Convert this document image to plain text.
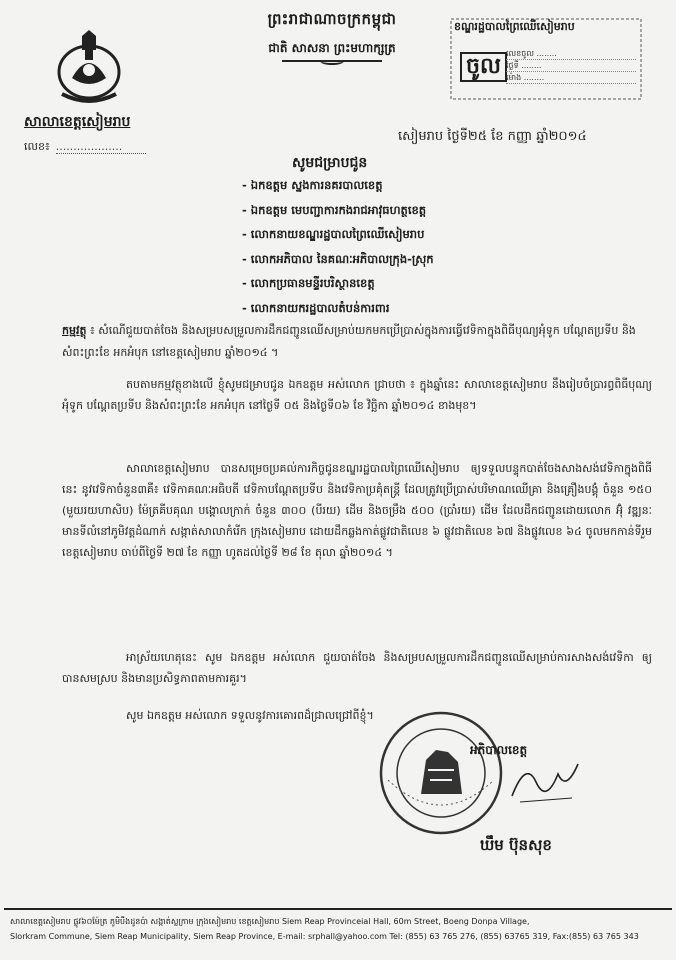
ព្រះរាជាណាចក្រកម្ពុជា
ជាតិ សាសនា ព្រះមហាក្សត្រ
សាលាខេត្តសៀមរាប
លេខ៖ ...................
ខណ្ឌរដ្ឋបាលព្រៃឈើសៀមរាប
ចូល
លេខចូល ........
ថ្ងៃទី ........
ម៉ោង ........
សៀមរាប ថ្ងៃទី២៥ ខែ កញ្ញា ឆ្នាំ២០១៤
សូមជម្រាបជូន
- ឯកឧត្តម ស្នងការនគរបាលខេត្ត
- ឯកឧត្តម មេបញ្ជាការកងរាជអាវុធហត្ថខេត្ត
- លោកនាយខណ្ឌរដ្ឋបាលព្រៃឈើសៀមរាប
- លោកអភិបាល នៃគណៈអភិបាលក្រុង-ស្រុក
- លោកប្រធានមន្ទីរបរិស្ថានខេត្ត
- លោកនាយករដ្ឋបាលតំបន់ការពារ
កម្មវត្ថុ ៖ សំណើជួយបាត់ចែង និងសម្របសម្រួលការដឹកជញ្ជូនឈើសម្រាប់យកមកប្រើប្រាស់ក្នុងការធ្វើវេទិកាក្នុងពិធីបុណ្យអុំទូក បណ្តែតប្រទីប និងសំពះព្រះខែ អកអំបុក នៅខេត្តសៀមរាប ឆ្នាំ២០១៤ ។
តបតាមកម្មវត្ថុខាងលើ ខ្ញុំសូមជម្រាបជូន ឯកឧត្តម អស់លោក ជ្រាបថា ៖ ក្នុងឆ្នាំនេះ សាលាខេត្តសៀមរាប នឹងរៀបចំប្រារព្ធពិធីបុណ្យអុំទូក បណ្តែតប្រទីប និងសំពះព្រះខែ អកអំបុក នៅថ្ងៃទី ០៥ និងថ្ងៃទី០៦ ខែ វិច្ឆិកា ឆ្នាំ២០១៤ ខាងមុខ។
សាលាខេត្តសៀមរាប បានសម្រេចប្រគល់ការកិច្ចជូនខណ្ឌរដ្ឋបាលព្រៃឈើសៀមរាប ឲ្យទទួលបន្ទុកបាត់ចែងសាងសង់វេទិកាក្នុងពិធីនេះ នូវវេទិកាចំនួន៣គឺ៖ វេទិកាគណៈអធិបតី វេទិកាបណ្តែតប្រទីប និងវេទិកាប្រគុំតន្ត្រី ដែលត្រូវប្រើប្រាស់បរិមាណឈើគ្រា និងគ្រឿងបង្គុំ ចំនួន ១៥០ (មួយរយហាសិប) ម៉ែត្រគីបគុណ បង្គោលក្រាក់ ចំនួន ៣០០ (បីរយ) ដើម និងចម្រឹង ៥០០ (ប្រាំរយ) ដើម ដែលដឹកជញ្ជូនដោយលោក អ៊ុំ វឌ្ឍនៈ មានទីលំនៅភូមិវត្តដំណាក់ សង្កាត់សាលាកំរើក ក្រុងសៀមរាប ដោយដឹកឆ្លងកាត់ផ្លូវជាតិលេខ ៦ ផ្លូវជាតិលេខ ៦៧ និងផ្លូវលេខ ៦៤ ចូលមកកាន់ទីរួមខេត្តសៀមរាប ចាប់ពីថ្ងៃទី ២៧ ខែ កញ្ញា ហូតដល់ថ្ងៃទី ២៨ ខែ តុលា ឆ្នាំ២០១៤ ។
អាស្រ័យហេតុនេះ សូម ឯកឧត្តម អស់លោក ជួយបាត់ចែង និងសម្របសម្រួលការដឹកជញ្ជូនឈើសម្រាប់ការសាងសង់វេទិកា ឲ្យបានសមស្រប និងមានប្រសិទ្ធភាពតាមការគួរ។
សូម ឯកឧត្តម អស់លោក ទទួលនូវការគោរពដ៏ជ្រាលជ្រៅពីខ្ញុំ។
អភិបាលខេត្ត
ឃឹម ប៊ុនសុខ
សាលាខេត្តសៀមរាប ផ្លូវ៦០ម៉ែត្រ ភូមិបឹងដូនប៉ា សង្កាត់ស្លក្រាម ក្រុងសៀមរាប ខេត្តសៀមរាប Siem Reap Provinceial Hall, 60m Street, Boeng Donpa Village,
Slorkram Commune, Siem Reap Municipality, Siem Reap Province, E-mail: srphall@yahoo.com Tel: (855) 63 765 276, (855) 63765 319, Fax:(855) 63 765 343
